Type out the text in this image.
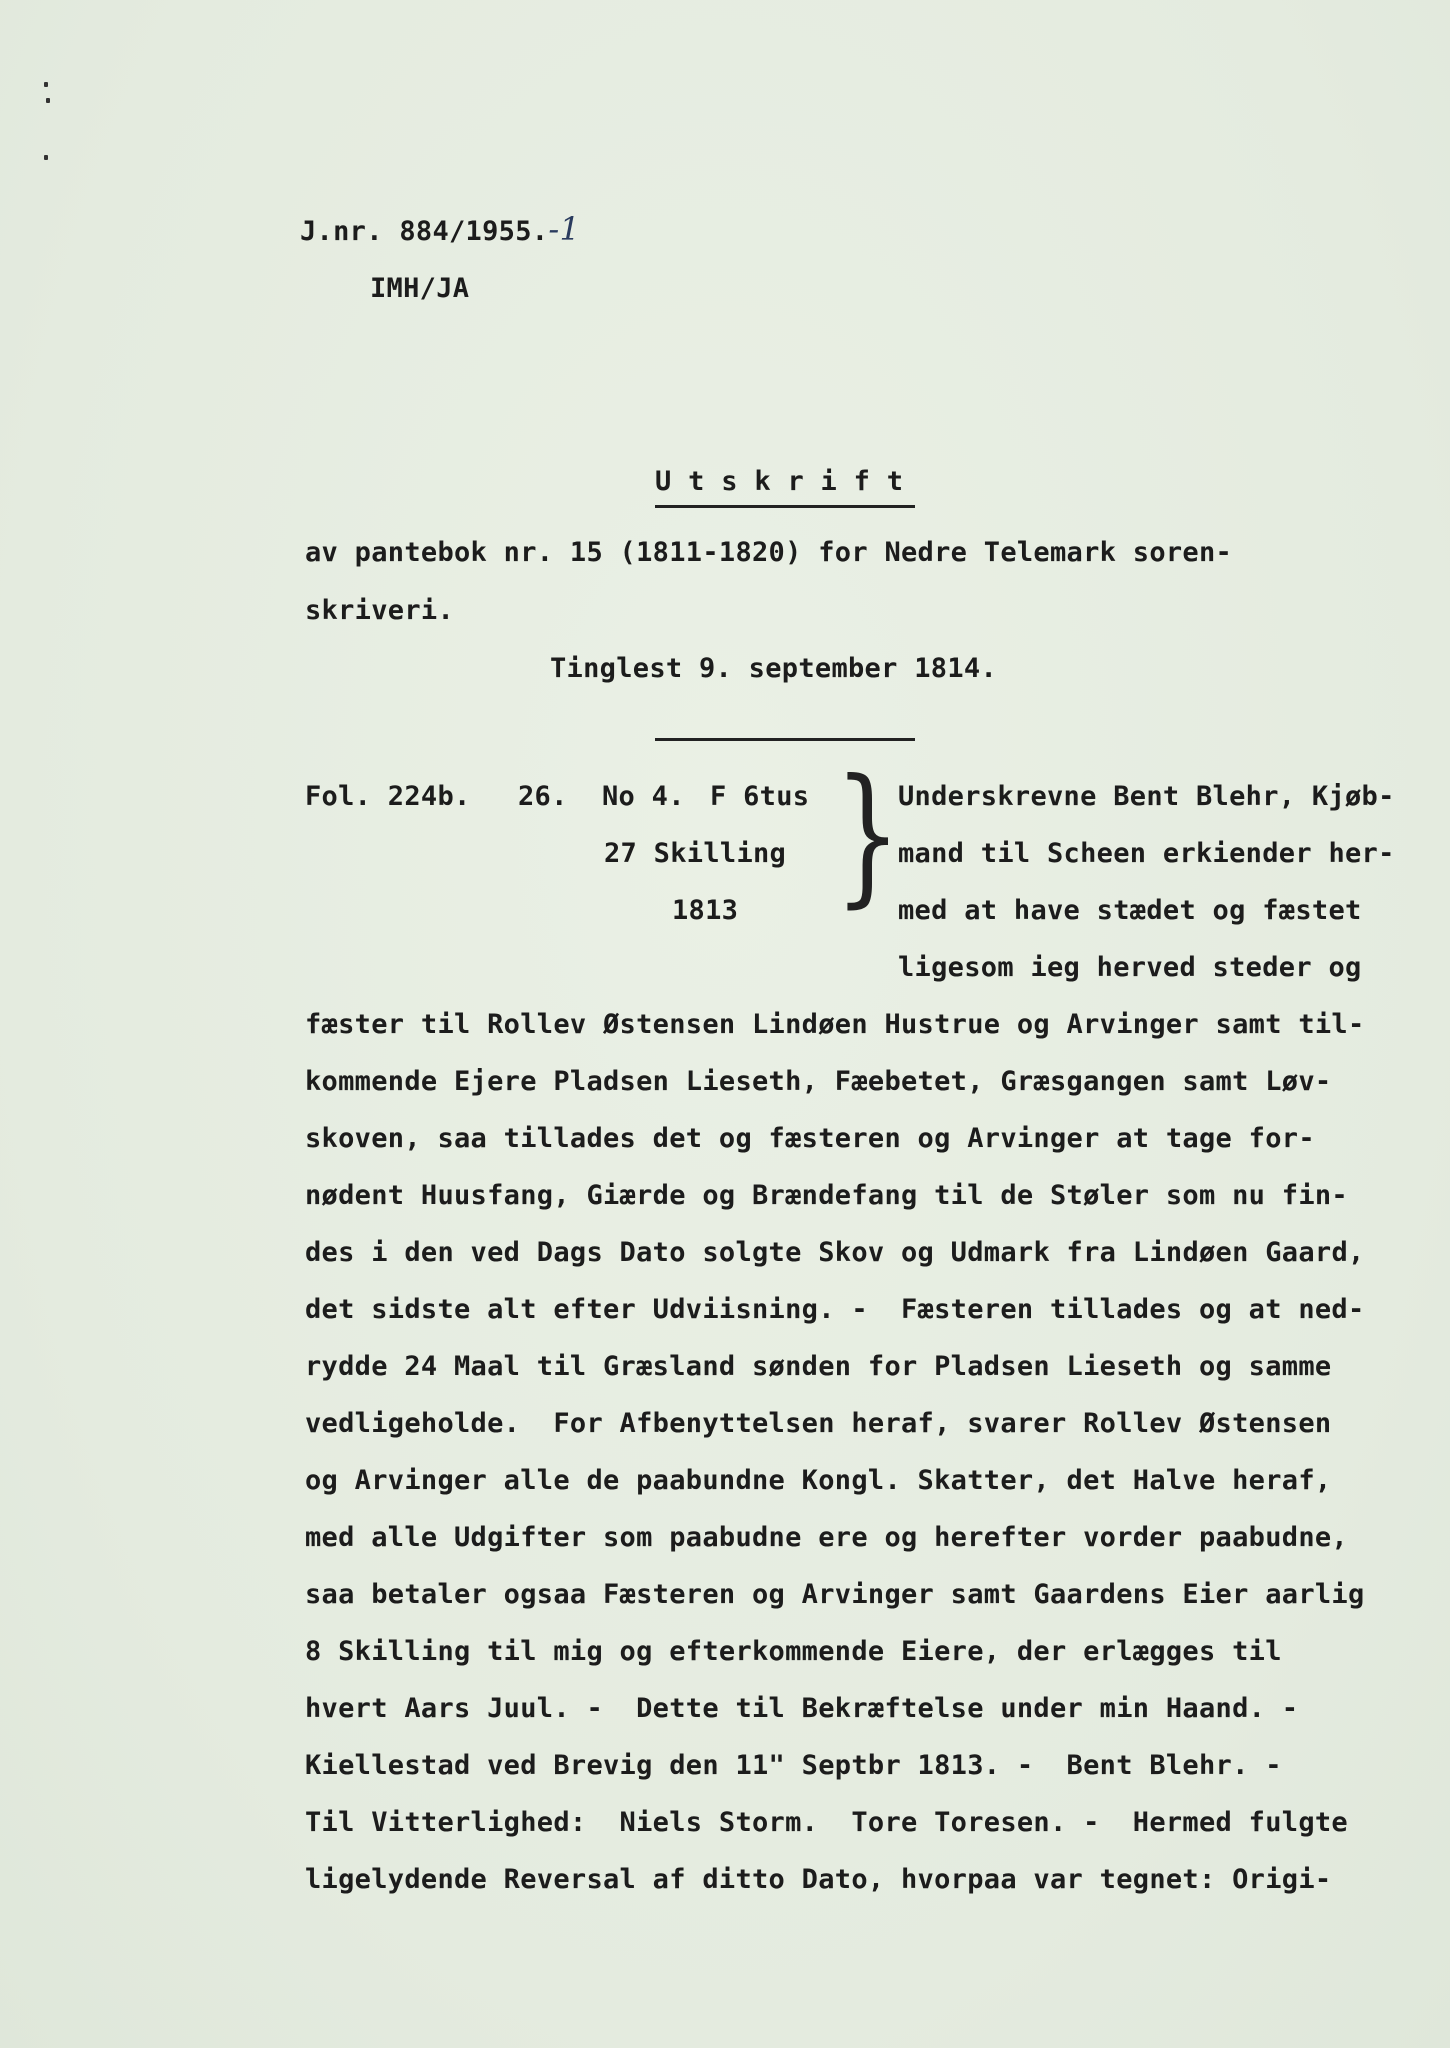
J.nr. 884/1955.-1
IMH/JA
U t s k r i f t
av pantebok nr. 15 (1811-1820) for Nedre Telemark soren-
skriveri.
Tinglest 9. september 1814.
Fol. 224b. 26. No 4. F 6tus
27 Skilling
1813 }
Underskrevne Bent Blehr, Kjøb-
mand til Scheen erkiender her-
med at have stædet og fæstet
ligesom ieg herved steder og
fæster til Rollev Østensen Lindøen Hustrue og Arvinger samt til-
kommende Ejere Pladsen Lieseth, Fæebetet, Græsgangen samt Løv-
skoven, saa tillades det og fæsteren og Arvinger at tage for-
nødent Huusfang, Giærde og Brændefang til de Støler som nu fin-
des i den ved Dags Dato solgte Skov og Udmark fra Lindøen Gaard,
det sidste alt efter Udviisning. -  Fæsteren tillades og at ned-
rydde 24 Maal til Græsland sønden for Pladsen Lieseth og samme
vedligeholde.  For Afbenyttelsen heraf, svarer Rollev Østensen
og Arvinger alle de paabundne Kongl. Skatter, det Halve heraf,
med alle Udgifter som paabudne ere og herefter vorder paabudne,
saa betaler ogsaa Fæsteren og Arvinger samt Gaardens Eier aarlig
8 Skilling til mig og efterkommende Eiere, der erlægges til
hvert Aars Juul. -  Dette til Bekræftelse under min Haand. -
Kiellestad ved Brevig den 11" Septbr 1813. -  Bent Blehr. -
Til Vitterlighed:  Niels Storm.  Tore Toresen. -  Hermed fulgte
ligelydende Reversal af ditto Dato, hvorpaa var tegnet: Origi-
